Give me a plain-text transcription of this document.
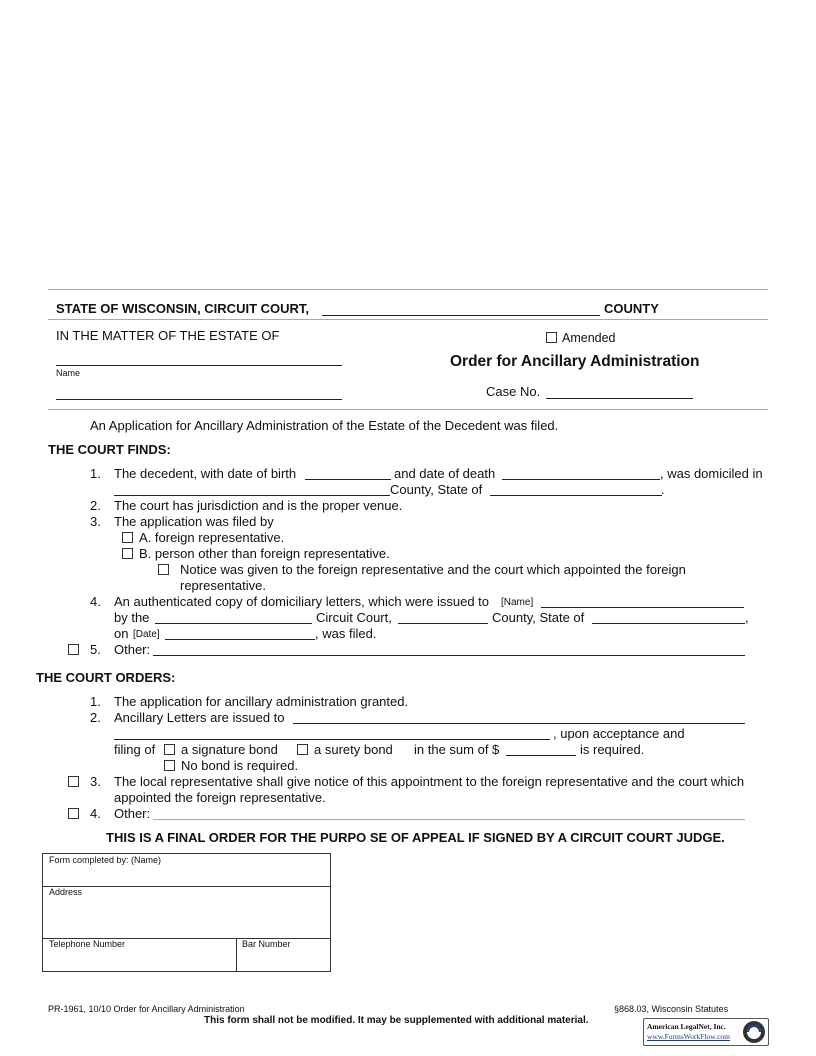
STATE OF WISCONSIN, CIRCUIT COURT,	COUNTY
IN THE MATTER OF THE ESTATE OF
Name
Amended
Order for Ancillary Administration
Case No.
An Application for Ancillary Administration of the Estate of the Decedent was filed.
THE COURT FINDS:
1. The decedent, with date of birth	and date of death	, was domiciled in
County, State of	.
2. The court has jurisdiction and is the proper venue.
3. The application was filed by
A. foreign representative.
B. person other than foreign representative.
Notice was given to the foreign representative and the court which appointed the foreign
representative.
4. An authenticated copy of domiciliary letters, which were issued to [Name]
by the	Circuit Court,	County, State of	,
on [Date]	, was filed.
5. Other:
THE COURT ORDERS:
1. The application for ancillary administration granted.
2. Ancillary Letters are issued to
, upon acceptance and
filing of a signature bond	a surety bond in the sum of $	is required.
No bond is required.
3. The local representative shall give notice of this appointment to the foreign representative and the court which
appointed the foreign representative.
4. Other:
THIS IS A FINAL ORDER FOR THE PURPO SE OF APPEAL IF SIGNED BY A CIRCUIT COURT JUDGE.
Form completed by: (Name)
Address
Telephone Number	Bar Number
PR-1961, 10/10 Order for Ancillary Administration	§868.03, Wisconsin Statutes
This form shall not be modified. It may be supplemented with additional material.
American LegalNet, Inc.
www.FormsWorkFlow.com
